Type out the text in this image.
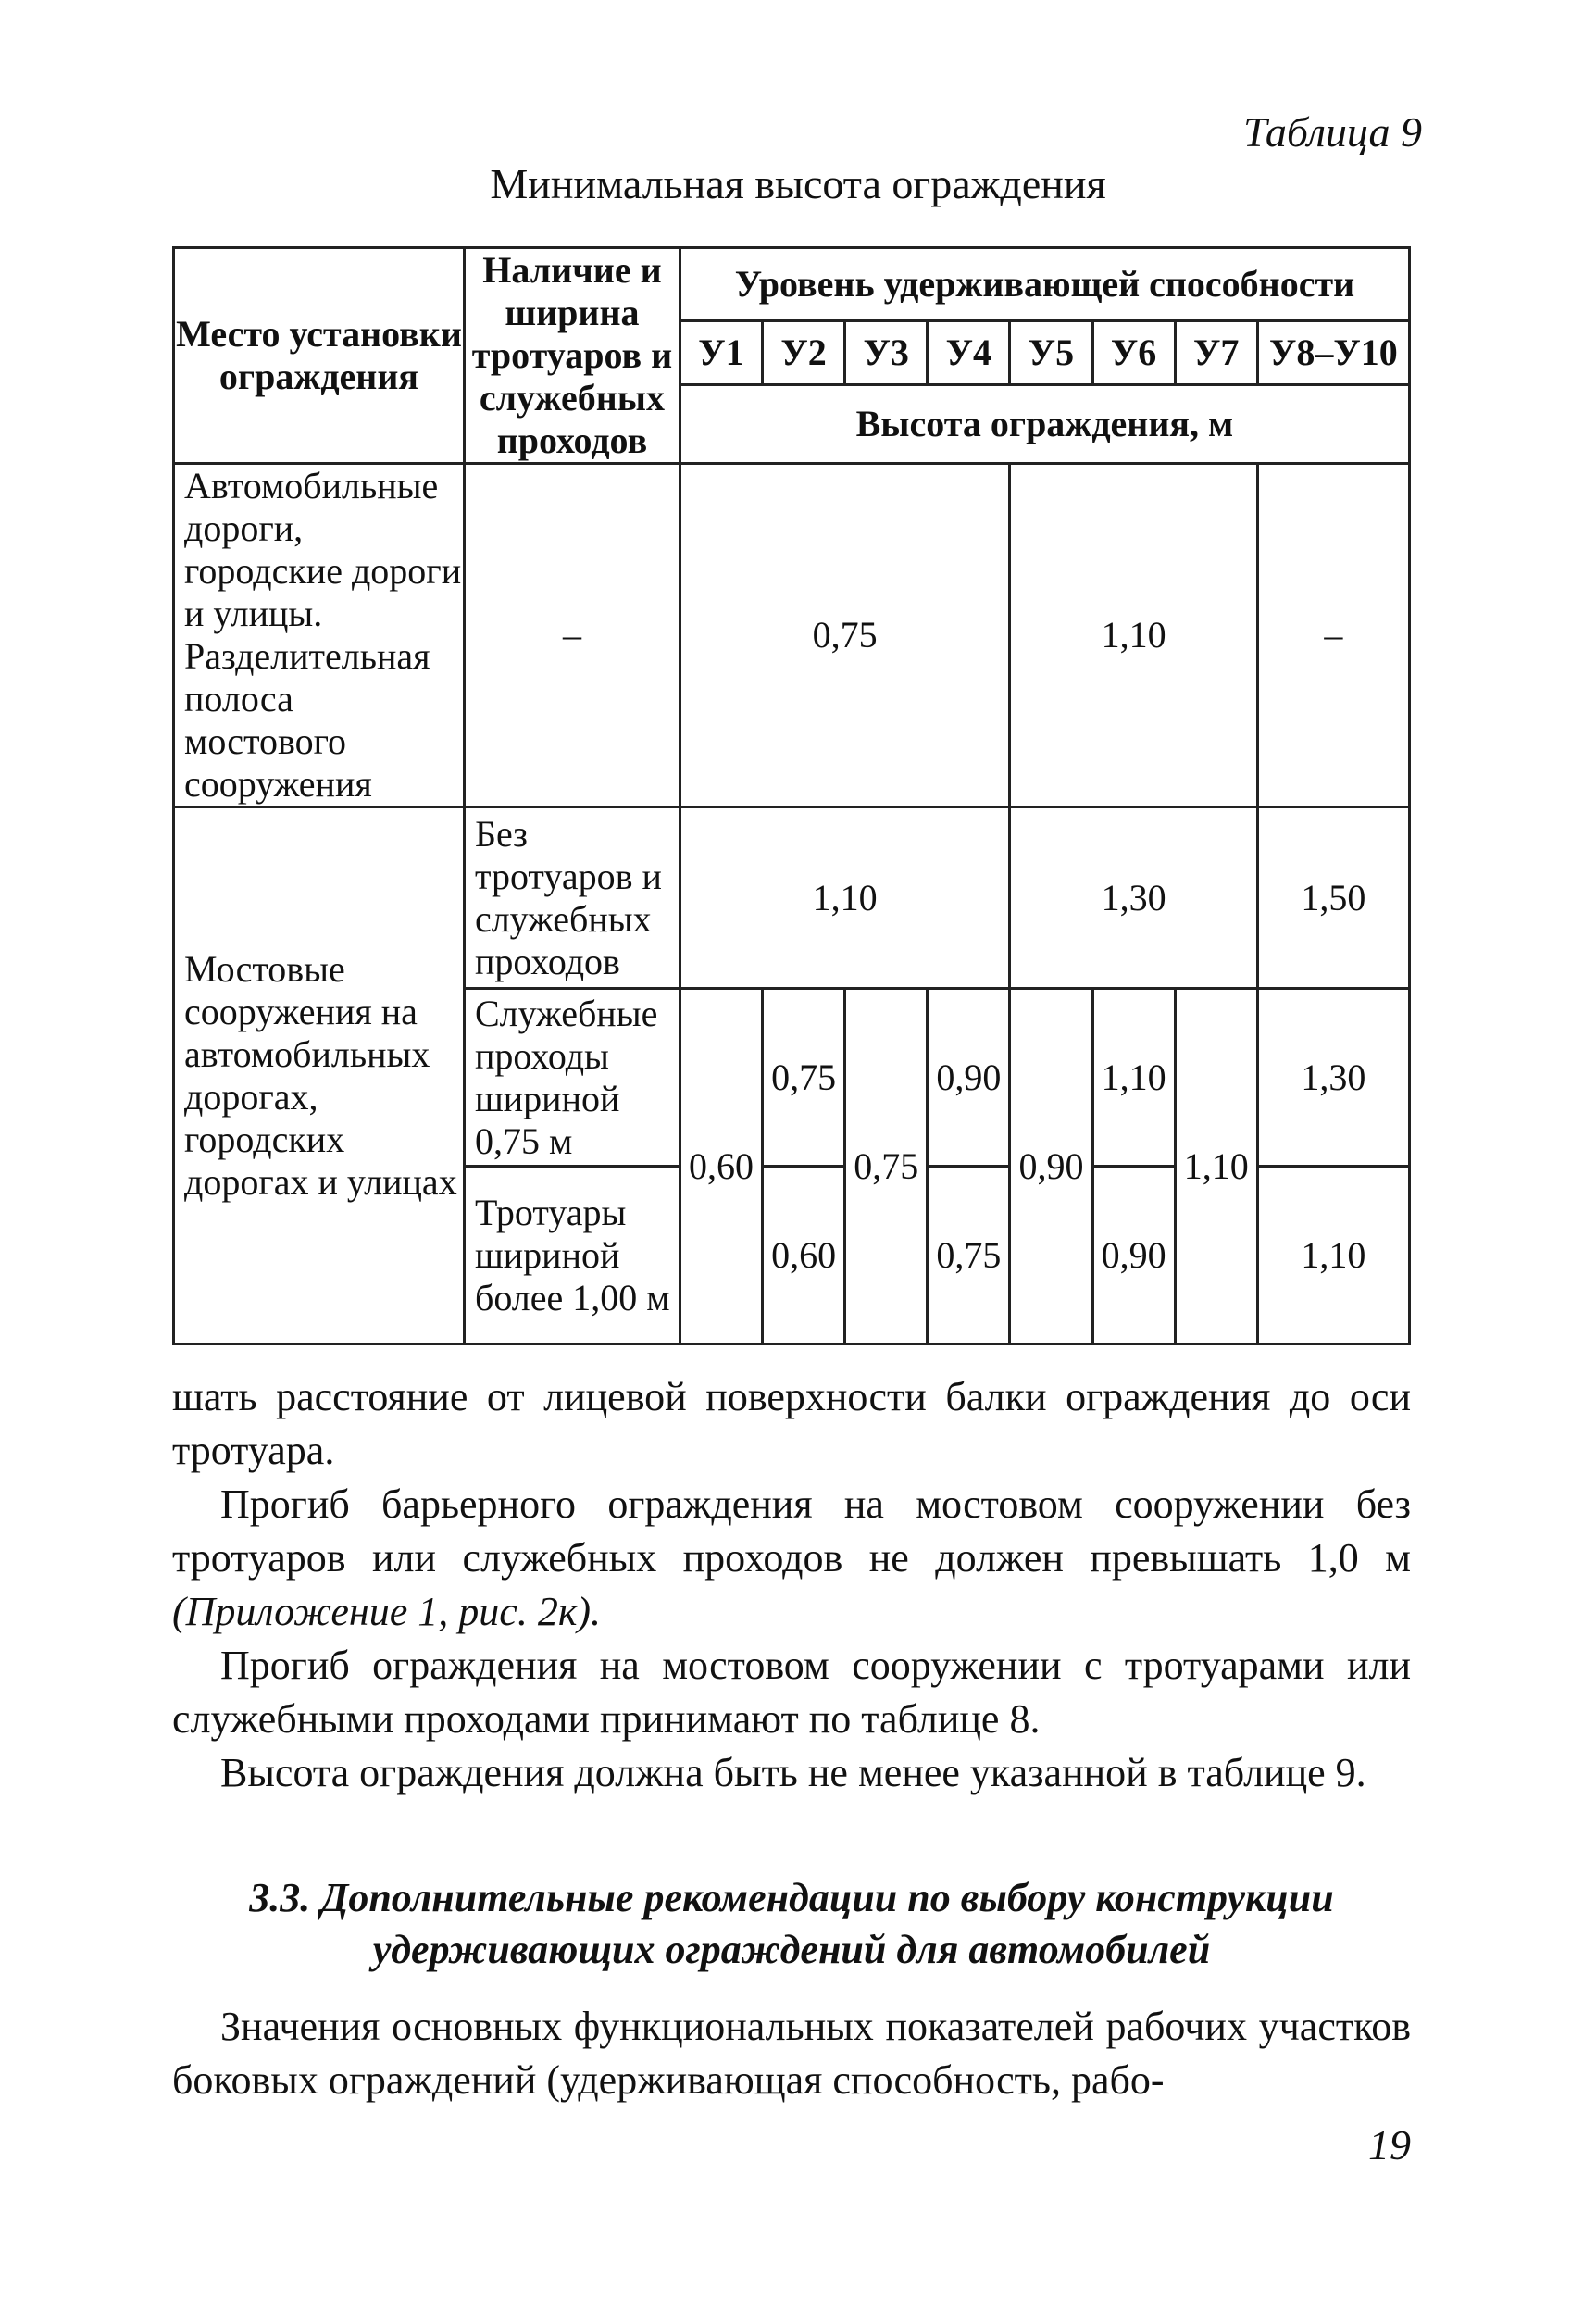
Таблица 9
Минимальная высота ограждения
Место установки ограждения	Наличие и ширина тротуаров и служебных проходов	Уровень удерживающей способности							
		У1	У2	У3	У4	У5	У6	У7	У8–У10
		Высота ограждения, м							
Автомобильные дороги, городские дороги и улицы. Разделительная полоса мостового сооружения	–	0,75				1,10			–
Мостовые сооружения на автомобильных дорогах, городских дорогах и улицах	Без тротуаров и служебных проходов	1,10				1,30			1,50
	Служебные проходы шириной 0,75 м	0,60	0,75	0,75	0,90	0,90	1,10	1,10	1,30

	Тротуары шириной более 1,00 м		0,60		0,75		0,90		1,10

шать расстояние от лицевой поверхности балки ограждения до оси тротуара.
Прогиб барьерного ограждения на мостовом сооружении без тротуаров или служебных проходов не должен превышать 1,0 м (Приложение 1, рис. 2к).
Прогиб ограждения на мостовом сооружении с тротуарами или служебными проходами принимают по таблице 8.
Высота ограждения должна быть не менее указанной в таблице 9.
3.3. Дополнительные рекомендации по выбору конструкции удерживающих ограждений для автомобилей
Значения основных функциональных показателей рабочих участков боковых ограждений (удерживающая способность, рабо-
19
